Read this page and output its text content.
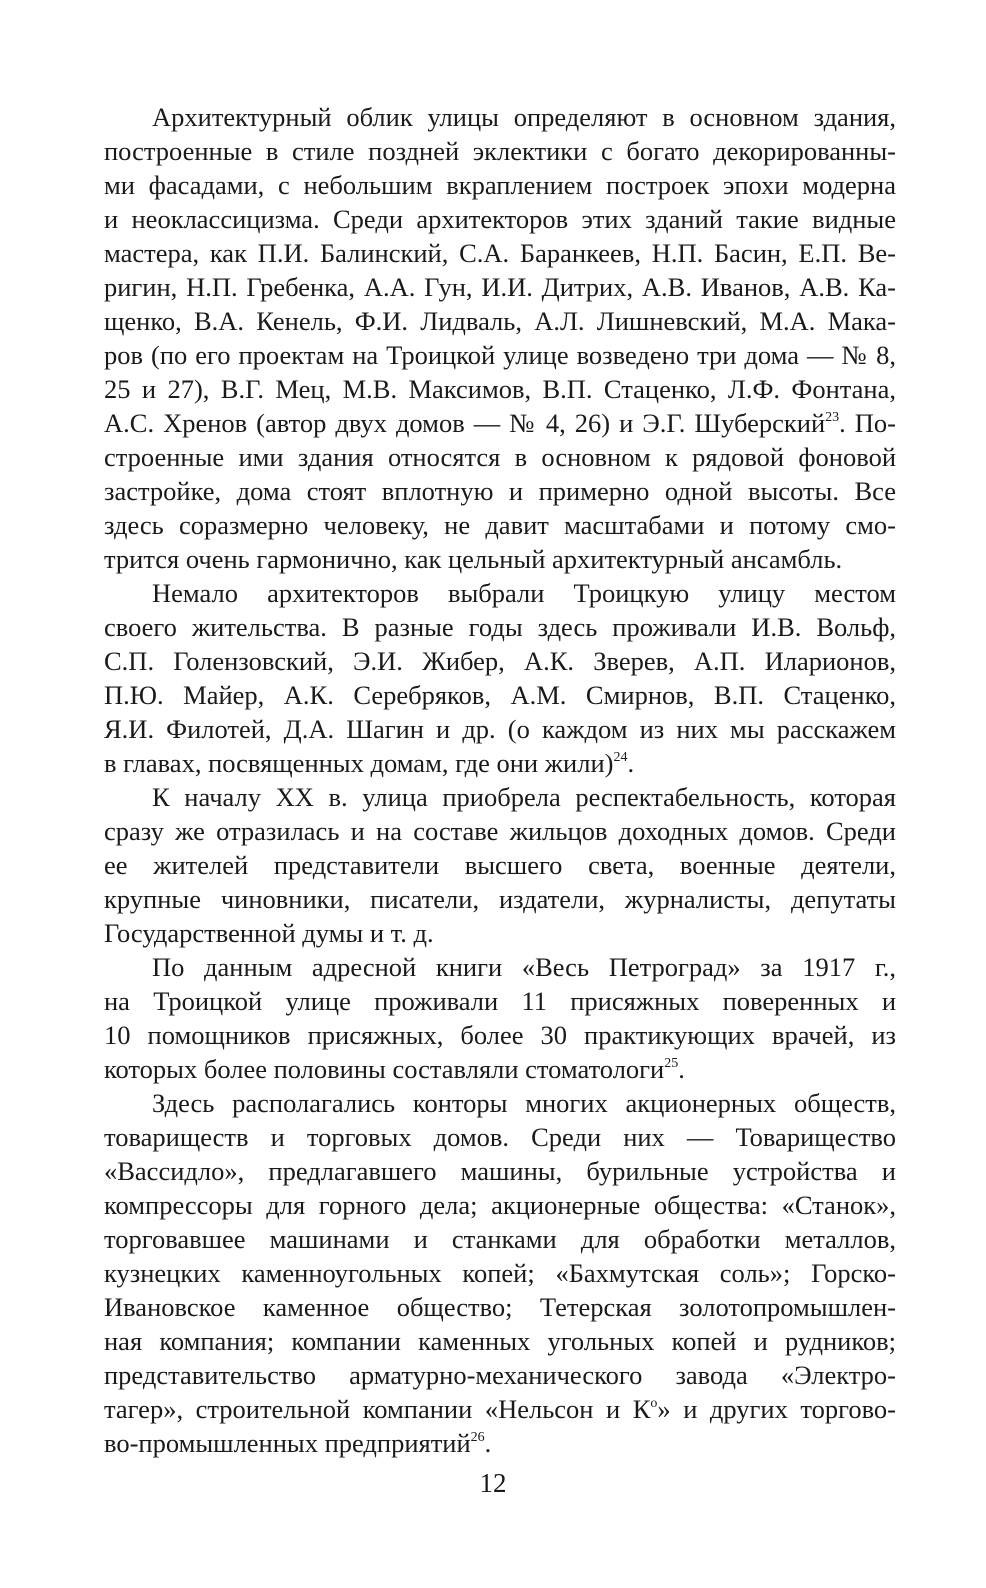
Архитектурный облик улицы определяют в основном здания,
построенные в стиле поздней эклектики с богато декорированны-
ми фасадами, с небольшим вкраплением построек эпохи модерна
и неоклассицизма. Среди архитекторов этих зданий такие видные
мастера, как П.И. Балинский, С.А. Баранкеев, Н.П. Басин, Е.П. Ве-
ригин, Н.П. Гребенка, А.А. Гун, И.И. Дитрих, А.В. Иванов, А.В. Ка-
щенко, В.А. Кенель, Ф.И. Лидваль, А.Л. Лишневский, М.А. Мака-
ров (по его проектам на Троицкой улице возведено три дома — № 8,
25 и 27), В.Г. Мец, М.В. Максимов, В.П. Стаценко, Л.Ф. Фонтана,
А.С. Хренов (автор двух домов — № 4, 26) и Э.Г. Шуберский$^{23}$. По-
строенные ими здания относятся в основном к рядовой фоновой
застройке, дома стоят вплотную и примерно одной высоты. Все
здесь соразмерно человеку, не давит масштабами и потому смо-
трится очень гармонично, как цельный архитектурный ансамбль.
Немало архитекторов выбрали Троицкую улицу местом
своего жительства. В разные годы здесь проживали И.В. Вольф,
С.П. Голензовский, Э.И. Жибер, А.К. Зверев, А.П. Иларионов,
П.Ю. Майер, А.К. Серебряков, А.М. Смирнов, В.П. Стаценко,
Я.И. Филотей, Д.А. Шагин и др. (о каждом из них мы расскажем
в главах, посвященных домам, где они жили)$^{24}$.
К началу XX в. улица приобрела респектабельность, которая
сразу же отразилась и на составе жильцов доходных домов. Среди
ее жителей представители высшего света, военные деятели,
крупные чиновники, писатели, издатели, журналисты, депутаты
Государственной думы и т. д.
По данным адресной книги «Весь Петроград» за 1917 г.,
на Троицкой улице проживали 11 присяжных поверенных и
10 помощников присяжных, более 30 практикующих врачей, из
которых более половины составляли стоматологи$^{25}$.
Здесь располагались конторы многих акционерных обществ,
товариществ и торговых домов. Среди них — Товарищество
«Вассидло», предлагавшего машины, бурильные устройства и
компрессоры для горного дела; акционерные общества: «Станок»,
торговавшее машинами и станками для обработки металлов,
кузнецких каменноугольных копей; «Бахмутская соль»; Горско-
Ивановское каменное общество; Тетерская золотопромышлен-
ная компания; компании каменных угольных копей и рудников;
представительство арматурно-механического завода «Электро-
тагер», строительной компании «Нельсон и $К^о$» и других торгово-
во-промышленных предприятий$^{26}$.
12
